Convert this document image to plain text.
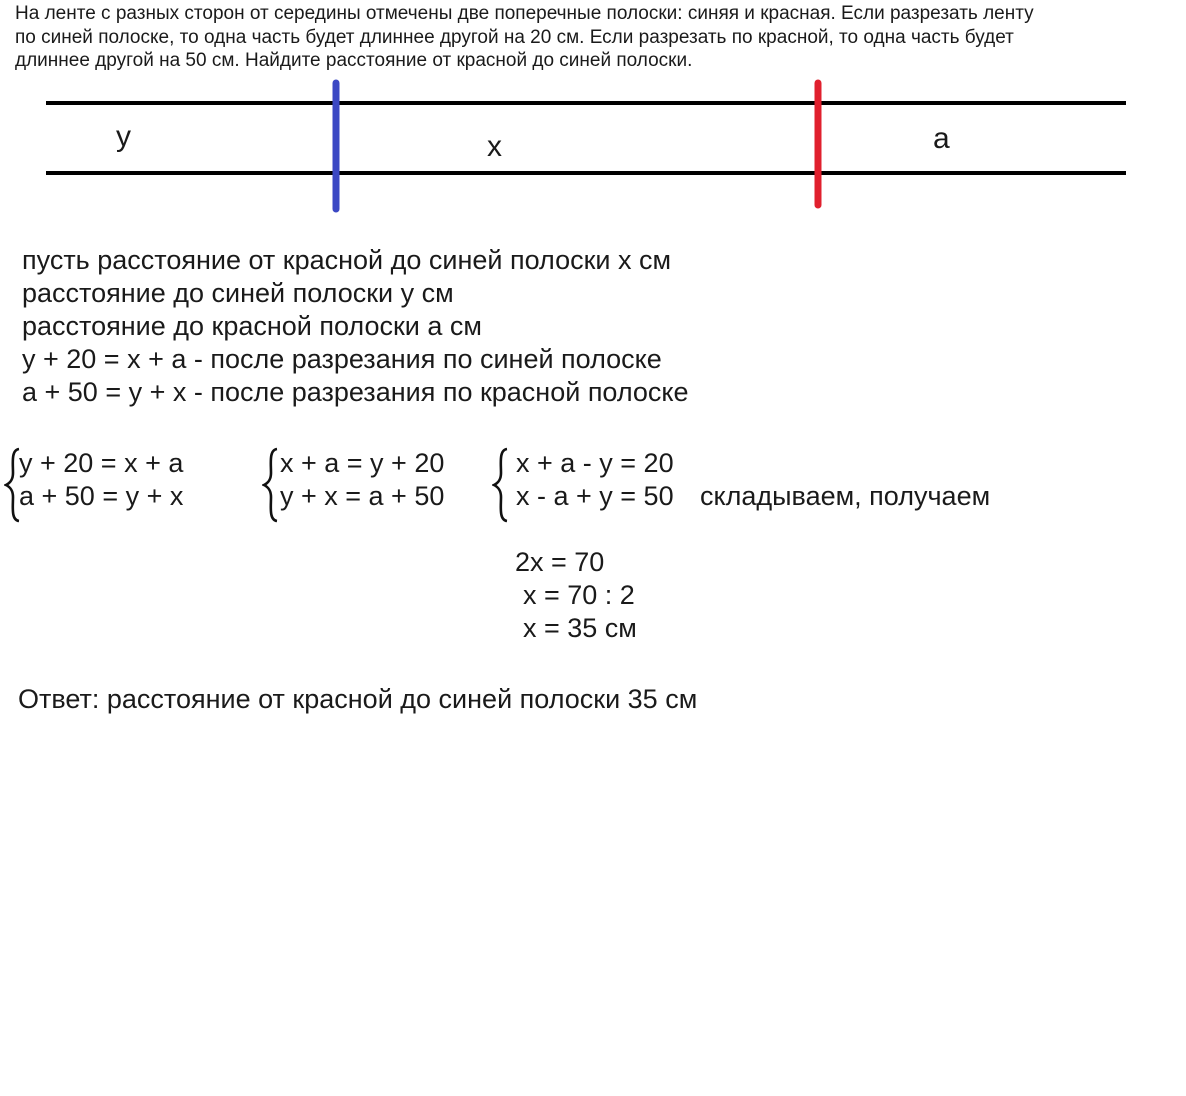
На ленте с разных сторон от середины отмечены две поперечные полоски: синяя и красная. Если разрезать ленту
по синей полоске, то одна часть будет длиннее другой на 20 см. Если разрезать по красной, то одна часть будет
длиннее другой на 50 см. Найдите расстояние от красной до синей полоски.
y	x	a
пусть расстояние от красной до синей полоски x см
расстояние до синей полоски y см
расстояние до красной полоски a см
y + 20 = x + a - после разрезания по синей полоске
a + 50 = y + x - после разрезания по красной полоске
y + 20 = x + a
a + 50 = y + x
x + a = y + 20
y + x = a + 50
x + a - y = 20
x - a + y = 50 складываем, получаем
2x = 70
x = 70 : 2
x = 35 см
Ответ: расстояние от красной до синей полоски 35 см
